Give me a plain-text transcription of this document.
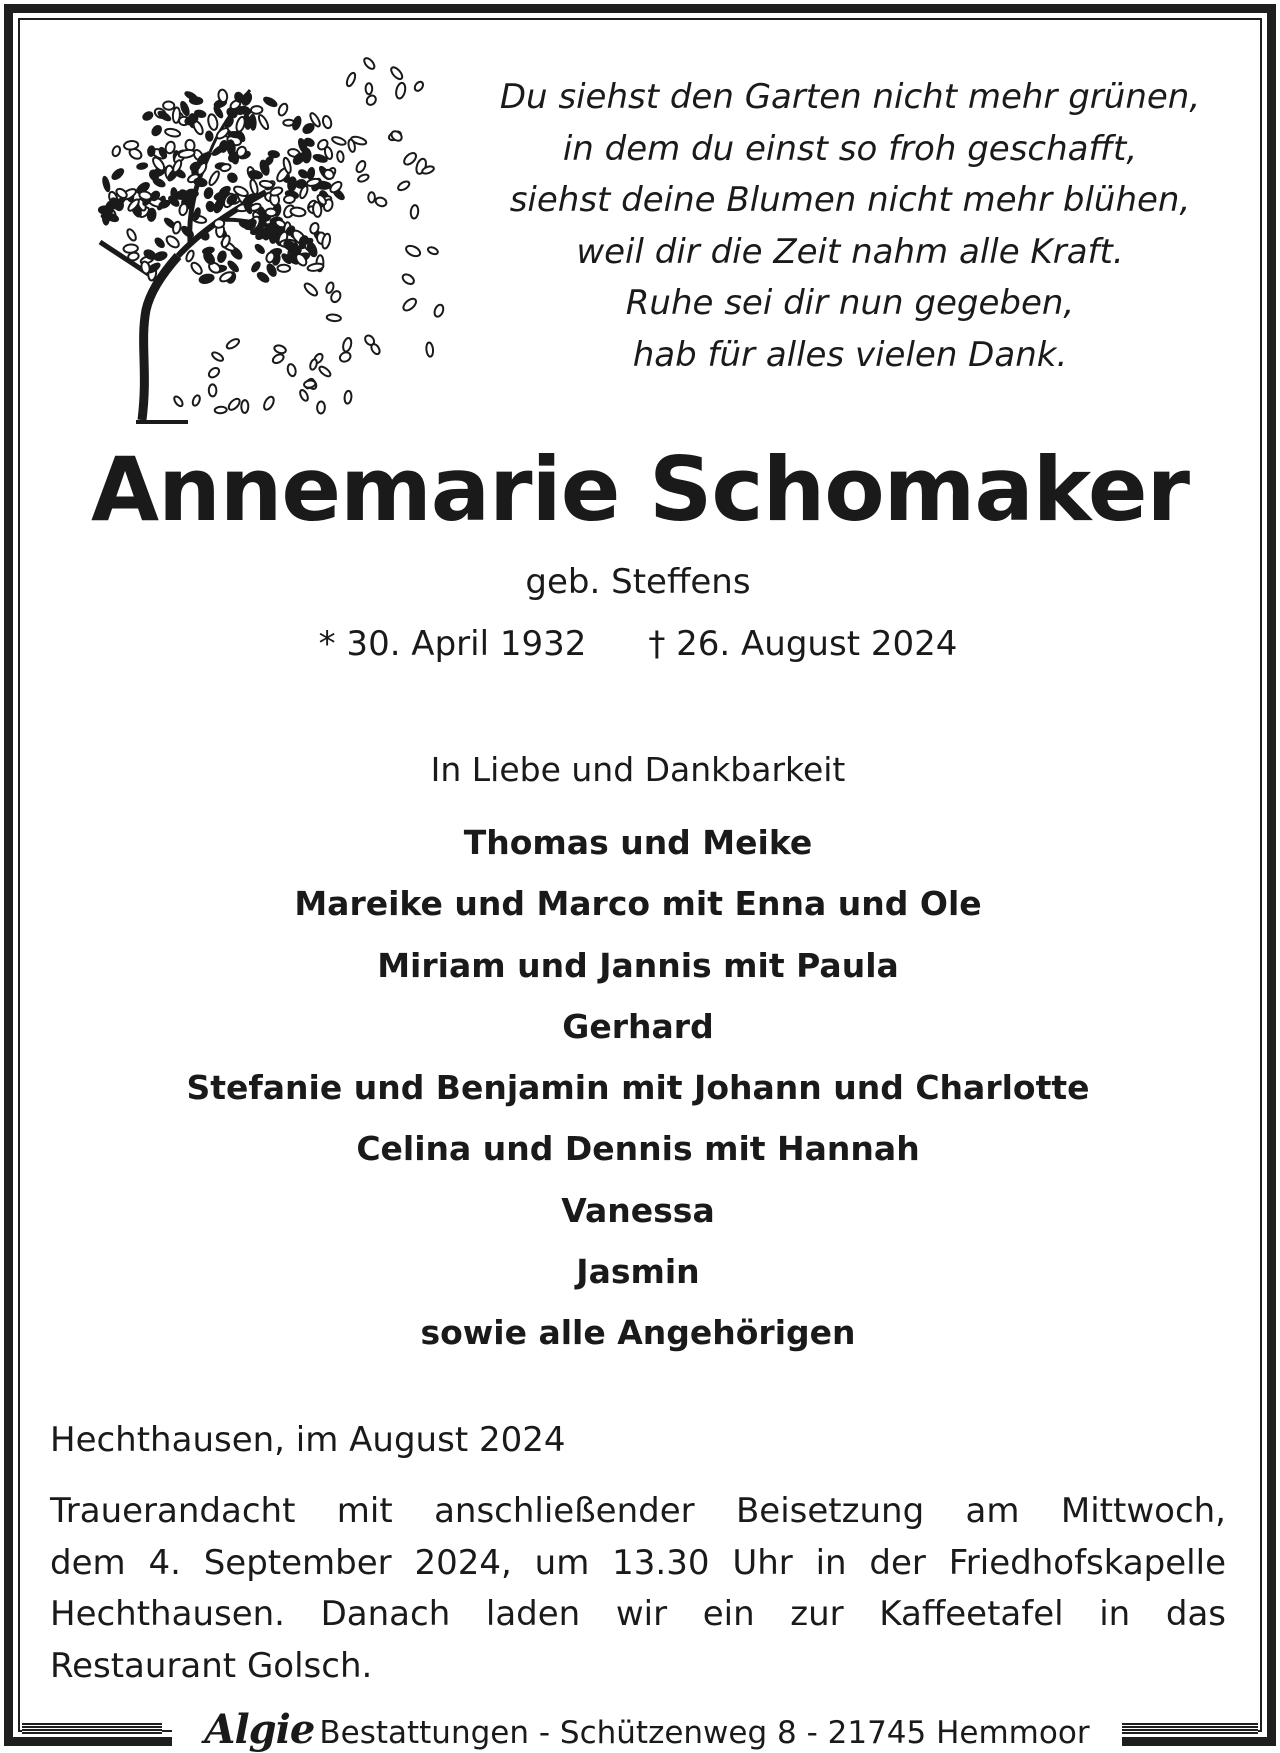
Du siehst den Garten nicht mehr grünen,
in dem du einst so froh geschafft,
siehst deine Blumen nicht mehr blühen,
weil dir die Zeit nahm alle Kraft.
Ruhe sei dir nun gegeben,
hab für alles vielen Dank.
Annemarie Schomaker
geb. Steffens
* 30. April 1932 † 26. August 2024
In Liebe und Dankbarkeit
Thomas und Meike
Mareike und Marco mit Enna und Ole
Miriam und Jannis mit Paula
Gerhard
Stefanie und Benjamin mit Johann und Charlotte
Celina und Dennis mit Hannah
Vanessa
Jasmin
sowie alle Angehörigen
Hechthausen, im August 2024
Trauerandacht mit anschließender Beisetzung am Mittwoch,
dem 4. September 2024, um 13.30 Uhr in der Friedhofskapelle
Hechthausen. Danach laden wir ein zur Kaffeetafel in das
Restaurant Golsch.
Algie Bestattungen - Schützenweg 8 - 21745 Hemmoor
